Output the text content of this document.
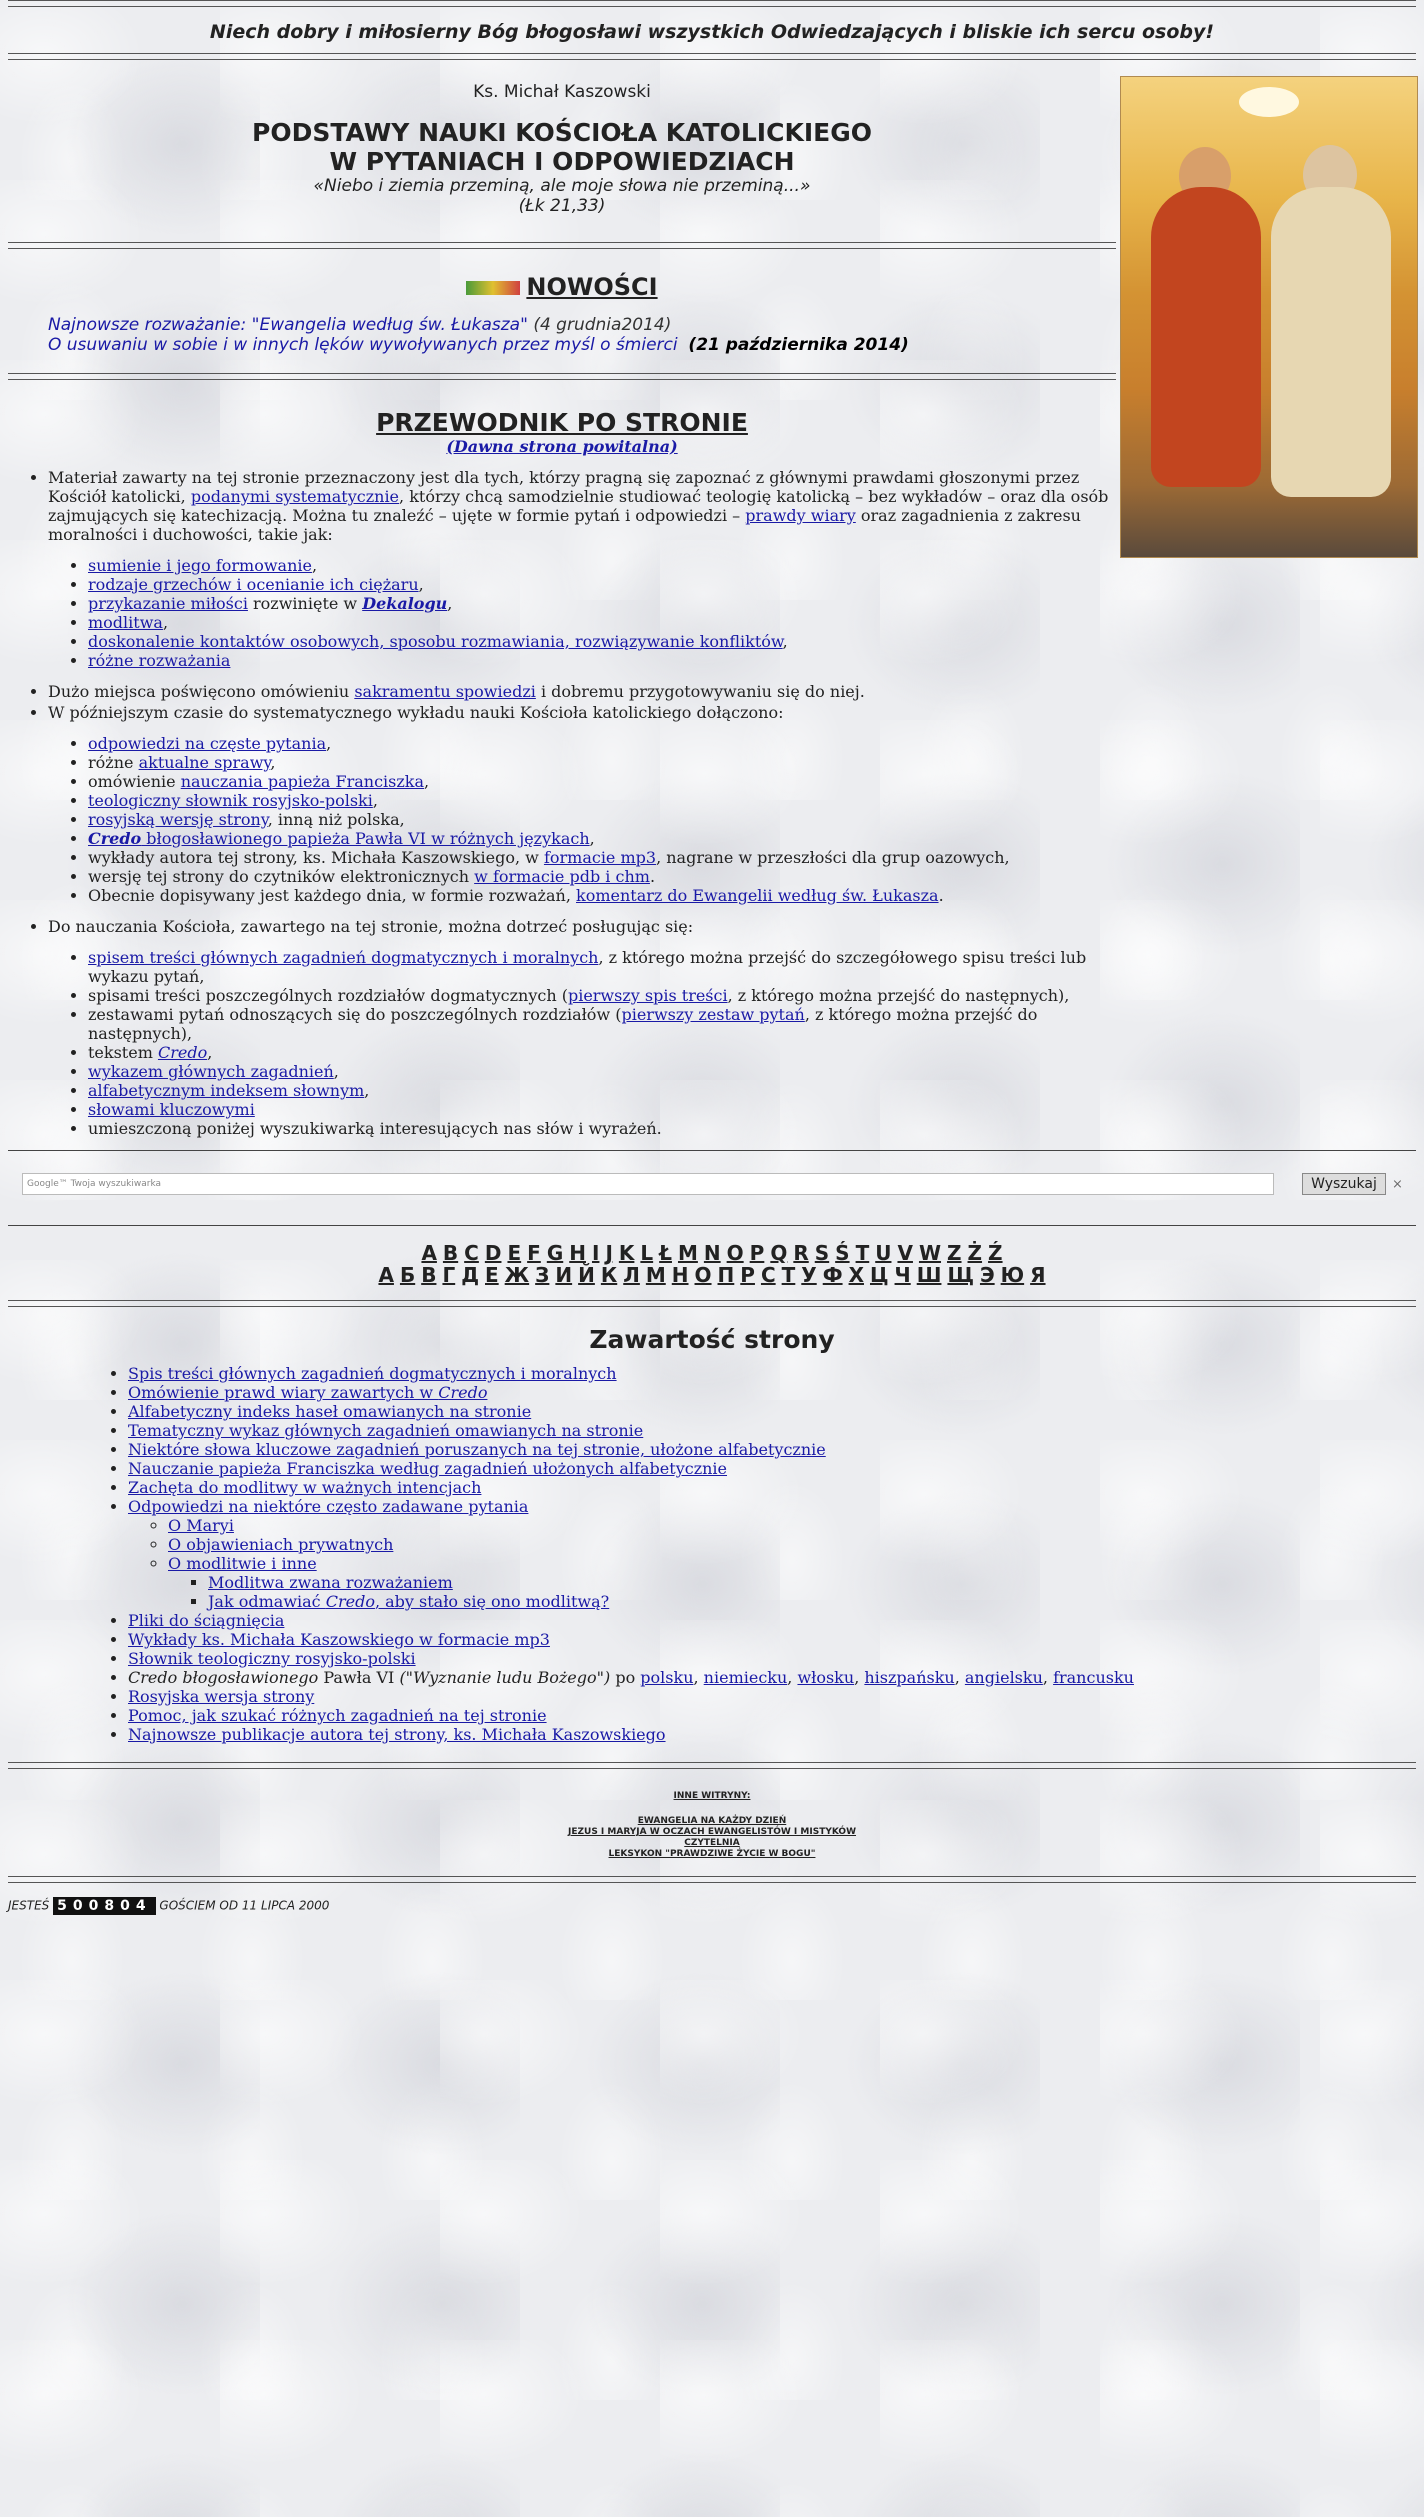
Niech dobry i miłosierny Bóg błogosławi wszystkich Odwiedzających i bliskie ich sercu osoby!
Ks. Michał Kaszowski
PODSTAWY NAUKI KOŚCIOŁA KATOLICKIEGO
W PYTANIACH I ODPOWIEDZIACH
«Niebo i ziemia przeminą, ale moje słowa nie przeminą...»
(Łk 21,33)
NOWOŚCI
Najnowsze rozważanie: "Ewangelia według św. Łukasza" (4 grudnia2014)
O usuwaniu w sobie i w innych lęków wywoływanych przez myśl o śmierci (21 października 2014)
PRZEWODNIK PO STRONIE
(Dawna strona powitalna)
• Materiał zawarty na tej stronie przeznaczony jest dla tych, którzy pragną się zapoznać z głównymi prawdami głoszonymi przez Kościół katolicki, podanymi systematycznie, którzy chcą samodzielnie studiować teologię katolicką – bez wykładów – oraz dla osób zajmujących się katechizacją. Można tu znaleźć – ujęte w formie pytań i odpowiedzi – prawdy wiary oraz zagadnienia z zakresu moralności i duchowości, takie jak:
• sumienie i jego formowanie,
• rodzaje grzechów i ocenianie ich ciężaru,
• przykazanie miłości rozwinięte w Dekalogu,
• modlitwa,
• doskonalenie kontaktów osobowych, sposobu rozmawiania, rozwiązywanie konfliktów,
• różne rozważania
• Dużo miejsca poświęcono omówieniu sakramentu spowiedzi i dobremu przygotowywaniu się do niej.
• W późniejszym czasie do systematycznego wykładu nauki Kościoła katolickiego dołączono:
• odpowiedzi na częste pytania,
• różne aktualne sprawy,
• omówienie nauczania papieża Franciszka,
• teologiczny słownik rosyjsko-polski,
• rosyjską wersję strony, inną niż polska,
• Credo błogosławionego papieża Pawła VI w różnych językach,
• wykłady autora tej strony, ks. Michała Kaszowskiego, w formacie mp3, nagrane w przeszłości dla grup oazowych,
• wersję tej strony do czytników elektronicznych w formacie pdb i chm.
• Obecnie dopisywany jest każdego dnia, w formie rozważań, komentarz do Ewangelii według św. Łukasza.
• Do nauczania Kościoła, zawartego na tej stronie, można dotrzeć posługując się:
• spisem treści głównych zagadnień dogmatycznych i moralnych, z którego można przejść do szczegółowego spisu treści lub wykazu pytań,
• spisami treści poszczególnych rozdziałów dogmatycznych (pierwszy spis treści, z którego można przejść do następnych),
• zestawami pytań odnoszących się do poszczególnych rozdziałów (pierwszy zestaw pytań, z którego można przejść do następnych),
• tekstem Credo,
• wykazem głównych zagadnień,
• alfabetycznym indeksem słownym,
• słowami kluczowymi
• umieszczoną poniżej wyszukiwarką interesujących nas słów i wyrażeń.
Google™ Twoja wyszukiwarka	Wyszukaj	×
A B C D E F G H I J K L Ł M N O P Q R S Ś T U V W Z Ż Ź
А Б В Г Д Е Ж З И Й К Л М Н О П Р С Т У Ф Х Ц Ч Ш Щ Э Ю Я
Zawartość strony
• Spis treści głównych zagadnień dogmatycznych i moralnych
• Omówienie prawd wiary zawartych w Credo
• Alfabetyczny indeks haseł omawianych na stronie
• Tematyczny wykaz głównych zagadnień omawianych na stronie
• Niektóre słowa kluczowe zagadnień poruszanych na tej stronie, ułożone alfabetycznie
• Nauczanie papieża Franciszka według zagadnień ułożonych alfabetycznie
• Zachęta do modlitwy w ważnych intencjach
• Odpowiedzi na niektóre często zadawane pytania
◦ O Maryi
◦ O objawieniach prywatnych
◦ O modlitwie i inne
▪ Modlitwa zwana rozważaniem
▪ Jak odmawiać Credo, aby stało się ono modlitwą?
• Pliki do ściągnięcia
• Wykłady ks. Michała Kaszowskiego w formacie mp3
• Słownik teologiczny rosyjsko-polski
• Credo błogosławionego Pawła VI ("Wyznanie ludu Bożego") po polsku, niemiecku, włosku, hiszpańsku, angielsku, francusku
• Rosyjska wersja strony
• Pomoc, jak szukać różnych zagadnień na tej stronie
• Najnowsze publikacje autora tej strony, ks. Michała Kaszowskiego
INNE WITRYNY:
EWANGELIA NA KAŻDY DZIEŃ
JEZUS I MARYJA W OCZACH EWANGELISTÓW I MISTYKÓW
CZYTELNIA
LEKSYKON "PRAWDZIWE ŻYCIE W BOGU"
JESTEŚ 500804 GOŚCIEM OD 11 LIPCA 2000
